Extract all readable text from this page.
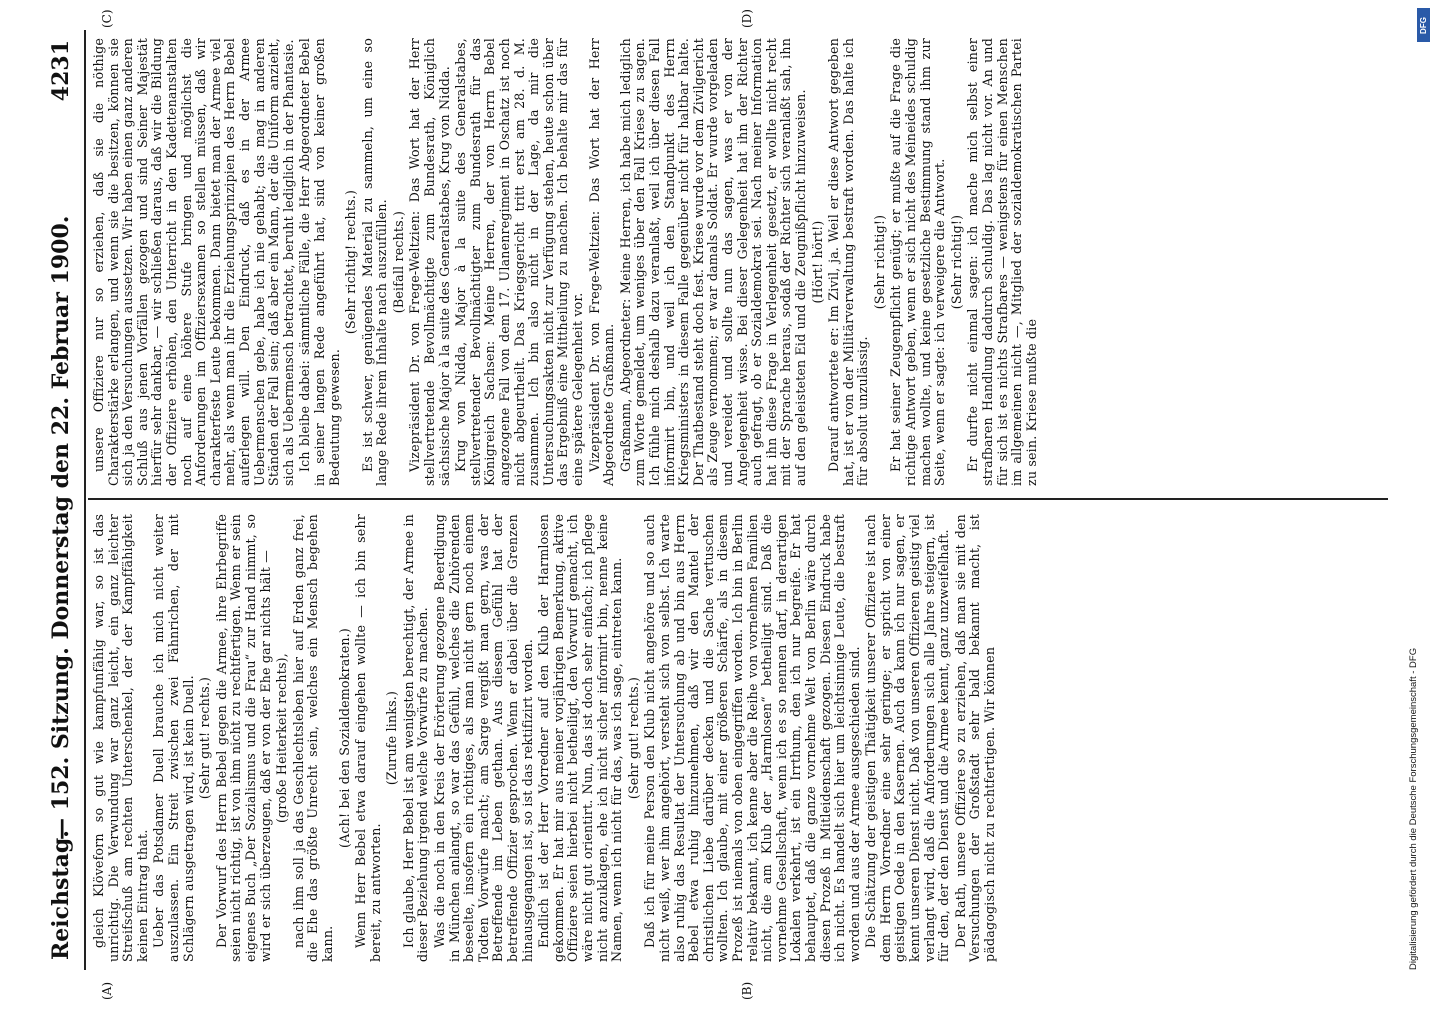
Reichstag.
— 152. Sitzung. Donnerstag den 22. Februar 1900.
4231

gleich Klöveforn so gut wie kampfunfähig war, so ist das unrichtig. Die Verwundung war ganz leicht, ein ganz leichter Streifschuß am rechten Unterschenkel, der der Kampffähigkeit keinen Eintrag that. Ueber das Potsdamer Duell brauche ich mich nicht weiter auszulassen. Ein Streit zwischen zwei Fähnrichen, der mit Schlägern ausgetragen wird, ist kein Duell. (Sehr gut! rechts.) Der Vorwurf des Herrn Bebel gegen die Armee, ihre Ehrbegriffe seien nicht richtig, ist von ihm nicht zu rechtfertigen. Wenn er sein eigenes Buch „Der Sozialismus und die Frau“ zur Hand nimmt, so wird er sich überzeugen, daß er von der Ehe gar nichts hält — (große Heiterkeit rechts), nach ihm soll ja das Geschlechtsleben hier auf Erden ganz frei, die Ehe das größte Unrecht sein, welches ein Mensch begehen kann.

(Ach! bei den Sozialdemokraten.) Wenn Herr Bebel etwa darauf eingehen wollte — ich bin sehr bereit, zu antworten.

(Zurufe links.) Ich glaube, Herr Bebel ist am wenigsten berechtigt, der Armee in dieser Beziehung irgend welche Vorwürfe zu machen. Was die noch in den Kreis der Erörterung gezogene Beerdigung in München anlangt, so war das Gefühl, welches die Zuhörenden beseelte, insofern ein richtiges, als man nicht gern noch einem Todten Vorwürfe macht; am Sarge vergißt man gern, was der Betreffende im Leben gethan. Aus diesem Gefühl hat der betreffende Offizier gesprochen. Wenn er dabei über die Grenzen hinausgegangen ist, so ist das rektifizirt worden. Endlich ist der Herr Vorredner auf den Klub der Harmlosen gekommen. Er hat mir aus meiner vorjährigen Bemerkung, aktive Offiziere seien hierbei nicht betheiligt, den Vorwurf gemacht, ich wäre nicht gut orientirt. Nun, das ist doch sehr einfach; ich pflege nicht anzuklagen, ehe ich nicht sicher informirt bin, nenne keine Namen, wenn ich nicht für das, was ich sage, eintreten kann. (Sehr gut! rechts.) Daß ich für meine Person den Klub nicht angehöre und so auch nicht weiß, wer ihm angehört, versteht sich von selbst. Ich warte also ruhig das Resultat der Untersuchung ab und bin aus Herrn Bebel etwa ruhig hinzunehmen, daß wir den Mantel der christlichen Liebe darüber decken und die Sache vertuschen wollten. Ich glaube, mit einer größeren Schärfe, als in diesem Prozeß ist niemals von oben eingegriffen worden. Ich bin in Berlin relativ bekannt, ich kenne aber die Reihe von vornehmen Familien nicht, die am Klub der „Harmlosen“ betheiligt sind. Daß die vornehme Gesellschaft, wenn ich es so nennen darf, in derartigen Lokalen verkehrt, ist ein Irrthum, den ich nur begreife. Er hat behauptet, daß die ganze vornehme Welt von Berlin wäre durch diesen Prozeß in Mitleidenschaft gezogen. Diesen Eindruck habe ich nicht. Es handelt sich hier um leichtsinnige Leute, die bestraft worden und aus der Armee ausgeschieden sind. Die Schätzung der geistigen Thätigkeit unserer Offiziere ist nach dem Herrn Vorredner eine sehr geringe; er spricht von einer geistigen Oede in den Kasernen. Auch da kann ich nur sagen, er kennt unseren Dienst nicht. Daß von unseren Offizieren geistig viel verlangt wird, daß die Anforderungen sich alle Jahre steigern, ist für den, der den Dienst und die Armee kennt, ganz unzweifelhaft. Der Rath, unsere Offiziere so zu erziehen, daß man sie mit den Versuchungen der Großstadt sehr bald bekannt macht, ist pädagogisch nicht zu rechtfertigen. Wir können

unsere Offiziere nur so erziehen, daß sie die nöthige Charakterstärke erlangen, und wenn sie die besitzen, können sie sich ja den Versuchungen aussetzen. Wir haben einen ganz anderen Schluß aus jenen Vorfällen gezogen und sind Seiner Majestät hierfür sehr dankbar, — wir schließen daraus, daß wir die Bildung der Offiziere erhöhen, den Unterricht in den Kadettenanstalten noch auf eine höhere Stufe bringen und möglichst die Anforderungen im Offiziersexamen so stellen müssen, daß wir charakterfeste Leute bekommen. Dann bietet man der Armee viel mehr, als wenn man ihr die Erziehungsprinzipien des Herrn Bebel auferlegen will. Den Eindruck, daß es in der Armee Uebermenschen gebe, habe ich nie gehabt; das mag in anderen Ständen der Fall sein; daß aber ein Mann, der die Uniform anzieht, sich als Uebermensch betrachtet, beruht lediglich in der Phantasie. Ich bleibe dabei: sämmtliche Fälle, die Herr Abgeordneter Bebel in seiner langen Rede angeführt hat, sind von keiner großen Bedeutung gewesen.

(Sehr richtig! rechts.) Es ist schwer, genügendes Material zu sammeln, um eine so lange Rede ihrem Inhalte nach auszufüllen. (Beifall rechts.) Vizepräsident Dr. von Frege-Weltzien: Das Wort hat der Herr stellvertretende Bevollmächtigte zum Bundesrath, Königlich sächsische Major à la suite des Generalstabes, Krug von Nidda. Krug von Nidda, Major à la suite des Generalstabes, stellvertretender Bevollmächtigter zum Bundesrath für das Königreich Sachsen: Meine Herren, der von Herrn Bebel angezogene Fall von dem 17. Ulanenregiment in Oschatz ist noch nicht abgeurtheilt. Das Kriegsgericht tritt erst am 28. d. M. zusammen. Ich bin also nicht in der Lage, da mir die Untersuchungsakten nicht zur Verfügung stehen, heute schon über das Ergebniß eine Mittheilung zu machen. Ich behalte mir das für eine spätere Gelegenheit vor. Vizepräsident Dr. von Frege-Weltzien: Das Wort hat der Herr Abgeordnete Graßmann. Graßmann, Abgeordneter: Meine Herren, ich habe mich lediglich zum Worte gemeldet, um weniges über den Fall Kriese zu sagen. Ich fühle mich deshalb dazu veranlaßt, weil ich über diesen Fall informirt bin, und weil ich den Standpunkt des Herrn Kriegsministers in diesem Falle gegenüber nicht für haltbar halte. Der Thatbestand steht doch fest. Kriese wurde vor dem Zivilgericht als Zeuge vernommen; er war damals Soldat. Er wurde vorgeladen und vereidet und sollte nun das sagen, was er von der Angelegenheit wisse. Bei dieser Gelegenheit hat ihn der Richter auch gefragt, ob er Sozialdemokrat sei. Nach meiner Information hat ihn diese Frage in Verlegenheit gesetzt, er wollte nicht recht mit der Sprache heraus, sodaß der Richter sich veranlaßt sah, ihn auf den geleisteten Eid und die Zeugnißpflicht hinzuweisen. (Hört! hört!) Darauf antwortete er: Im Zivil, ja. Weil er diese Antwort gegeben hat, ist er von der Militärverwaltung bestraft worden. Das halte ich für absolut unzulässig.

(Sehr richtig!) Er hat seiner Zeugenpflicht genügt; er mußte auf die Frage die richtige Antwort geben, wenn er sich nicht des Meineides schuldig machen wollte, und keine gesetzliche Bestimmung stand ihm zur Seite, wenn er sagte: ich verweigere die Antwort. (Sehr richtig!) Er durfte nicht einmal sagen: ich mache mich selbst einer strafbaren Handlung dadurch schuldig. Das lag nicht vor. An und für sich ist es nichts Strafbares — wenigstens für einen Menschen im allgemeinen nicht —, Mitglied der sozialdemokratischen Partei zu sein. Kriese mußte die

(A)	(B)
(C)	(D)	DFG
Digitalisierung gefördert durch die Deutsche Forschungsgemeinschaft - DFG
